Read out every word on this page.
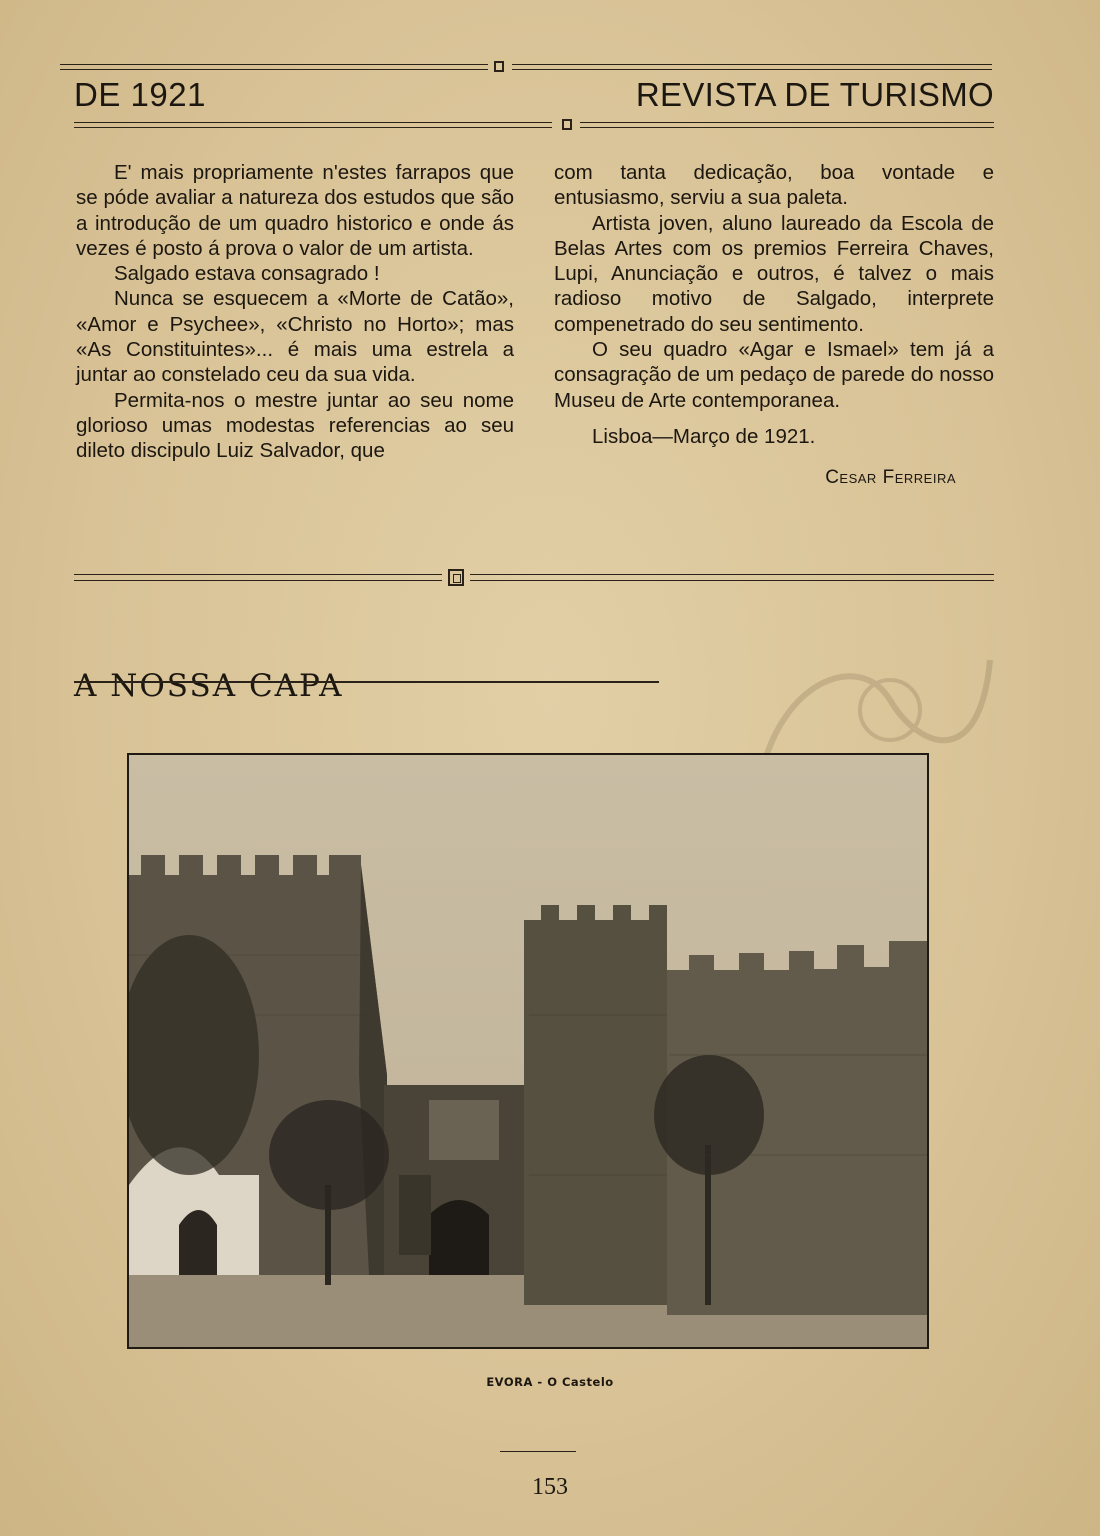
DE 1921	REVISTA DE TURISMO

E' mais propriamente n'estes farrapos que se póde avaliar a natureza dos estudos que são a introdução de um quadro historico e onde ás vezes é posto á prova o valor de um artista.

Salgado estava consagrado !

Nunca se esquecem a «Morte de Catão», «Amor e Psychee», «Christo no Horto»; mas «As Constituintes»... é mais uma estrela a juntar ao constelado ceu da sua vida.

Permita-nos o mestre juntar ao seu nome glorioso umas modestas referencias ao seu dileto discipulo Luiz Salvador, que

com tanta dedicação, boa vontade e entusiasmo, serviu a sua paleta.

Artista joven, aluno laureado da Escola de Belas Artes com os premios Ferreira Chaves, Lupi, Anunciação e outros, é talvez o mais radioso motivo de Salgado, interprete compenetrado do seu sentimento.

O seu quadro «Agar e Ismael» tem já a consagração de um pedaço de parede do nosso Museu de Arte contemporanea.

Lisboa—Março de 1921.

Cesar Ferreira

A NOSSA CAPA
EVORA - O Castelo
153
